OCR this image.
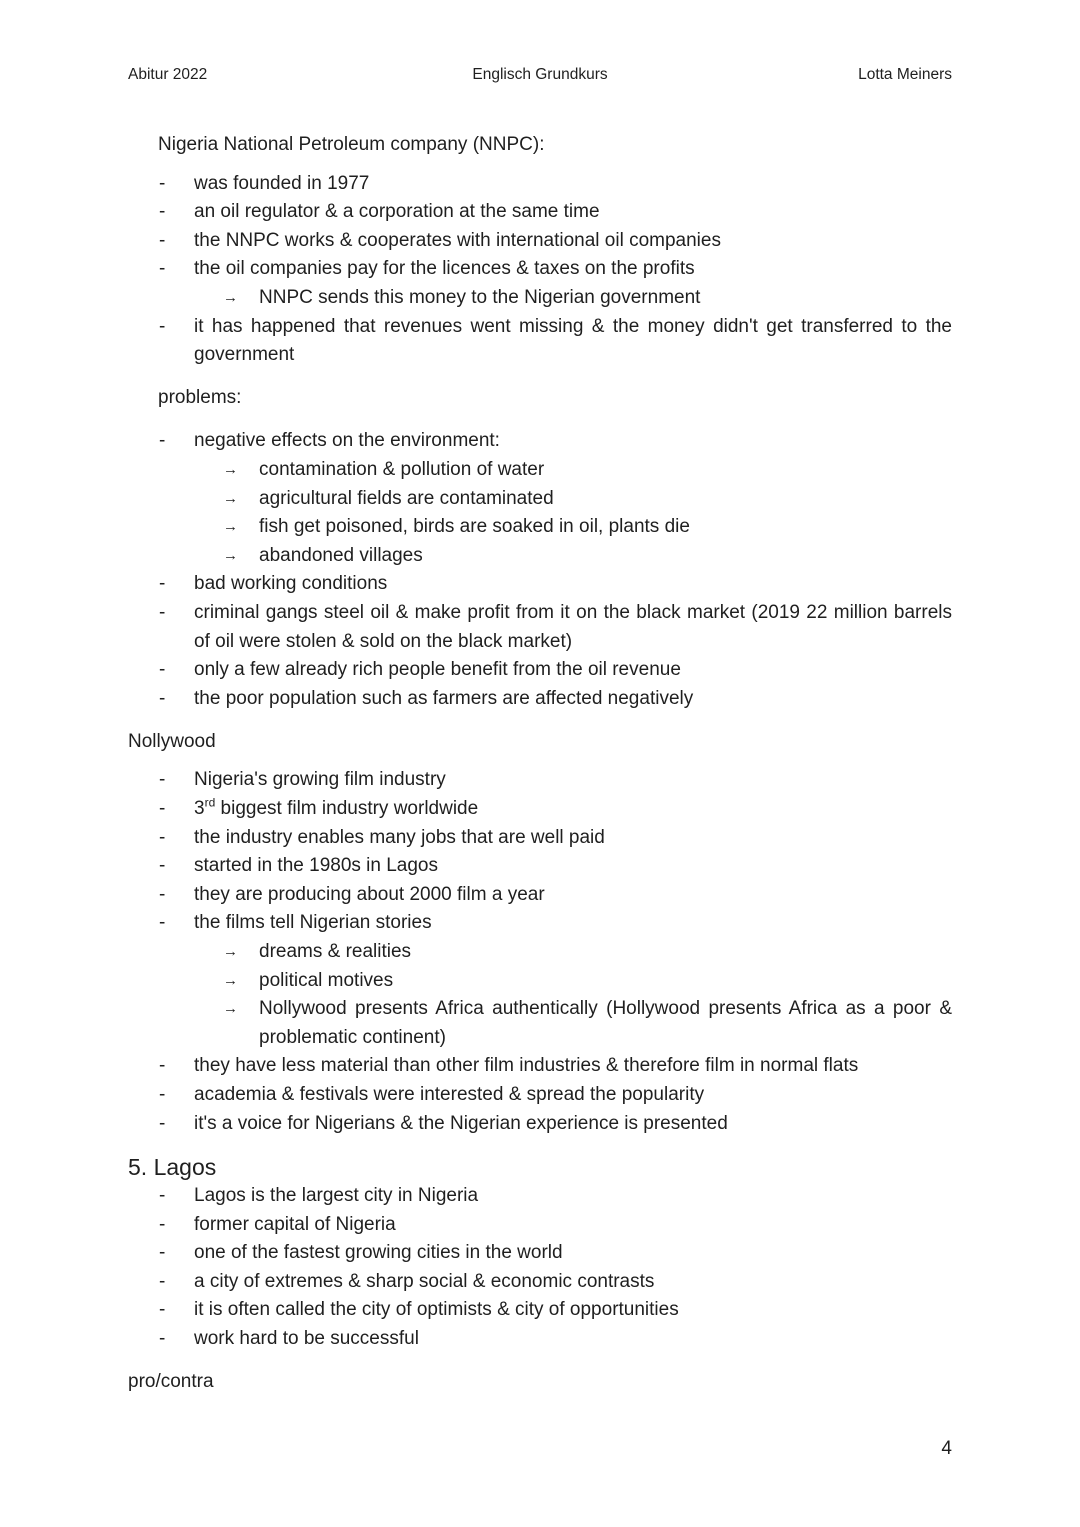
Abitur 2022	Englisch Grundkurs	Lotta Meiners
Nigeria National Petroleum company (NNPC):
- was founded in 1977
- an oil regulator & a corporation at the same time
- the NNPC works & cooperates with international oil companies
- the oil companies pay for the licences & taxes on the profits
→ NNPC sends this money to the Nigerian government
- it has happened that revenues went missing & the money didn't get transferred to the government
problems:
- negative effects on the environment:
→ contamination & pollution of water
→ agricultural fields are contaminated
→ fish get poisoned, birds are soaked in oil, plants die
→ abandoned villages
- bad working conditions
- criminal gangs steel oil & make profit from it on the black market (2019 22 million barrels of oil were stolen & sold on the black market)
- only a few already rich people benefit from the oil revenue
- the poor population such as farmers are affected negatively
Nollywood
- Nigeria's growing film industry
- 3rd biggest film industry worldwide
- the industry enables many jobs that are well paid
- started in the 1980s in Lagos
- they are producing about 2000 film a year
- the films tell Nigerian stories
→ dreams & realities
→ political motives
→ Nollywood presents Africa authentically (Hollywood presents Africa as a poor & problematic continent)
- they have less material than other film industries & therefore film in normal flats
- academia & festivals were interested & spread the popularity
- it's a voice for Nigerians & the Nigerian experience is presented
5. Lagos
- Lagos is the largest city in Nigeria
- former capital of Nigeria
- one of the fastest growing cities in the world
- a city of extremes & sharp social & economic contrasts
- it is often called the city of optimists & city of opportunities
- work hard to be successful
pro/contra
4
